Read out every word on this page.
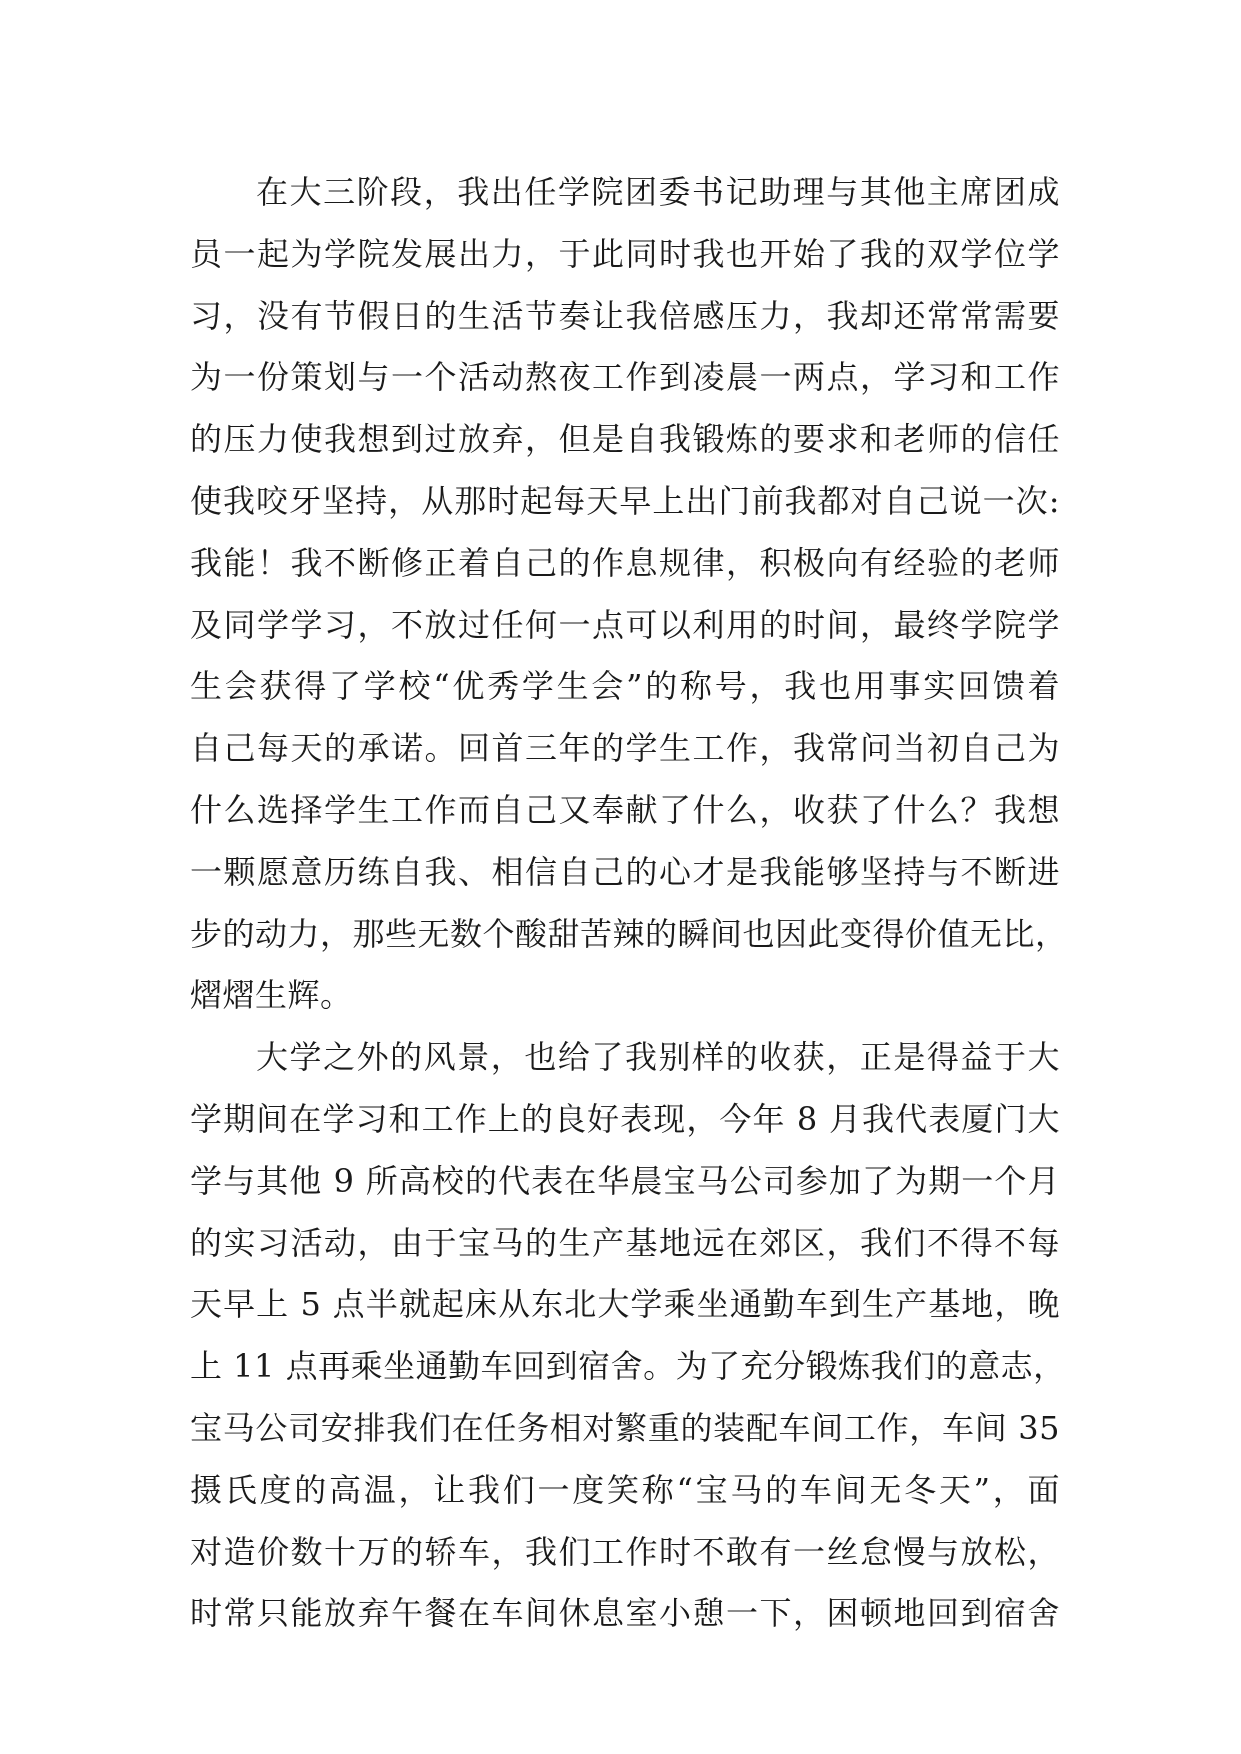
在大三阶段，我出任学院团委书记助理与其他主席团成
员一起为学院发展出力，于此同时我也开始了我的双学位学
习，没有节假日的生活节奏让我倍感压力，我却还常常需要
为一份策划与一个活动熬夜工作到凌晨一两点，学习和工作
的压力使我想到过放弃，但是自我锻炼的要求和老师的信任
使我咬牙坚持，从那时起每天早上出门前我都对自己说一次:
我能！我不断修正着自己的作息规律，积极向有经验的老师
及同学学习，不放过任何一点可以利用的时间，最终学院学
生会获得了学校“优秀学生会”的称号，我也用事实回馈着
自己每天的承诺。回首三年的学生工作，我常问当初自己为
什么选择学生工作而自己又奉献了什么，收获了什么？我想
一颗愿意历练自我、相信自己的心才是我能够坚持与不断进
步的动力，那些无数个酸甜苦辣的瞬间也因此变得价值无比，
熠熠生辉。
大学之外的风景，也给了我别样的收获，正是得益于大
学期间在学习和工作上的良好表现，今年 8 月我代表厦门大
学与其他 9 所高校的代表在华晨宝马公司参加了为期一个月
的实习活动，由于宝马的生产基地远在郊区，我们不得不每
天早上 5 点半就起床从东北大学乘坐通勤车到生产基地，晚
上 11 点再乘坐通勤车回到宿舍。为了充分锻炼我们的意志，
宝马公司安排我们在任务相对繁重的装配车间工作，车间 35
摄氏度的高温，让我们一度笑称“宝马的车间无冬天”，面
对造价数十万的轿车，我们工作时不敢有一丝怠慢与放松，
时常只能放弃午餐在车间休息室小憩一下，困顿地回到宿舍
